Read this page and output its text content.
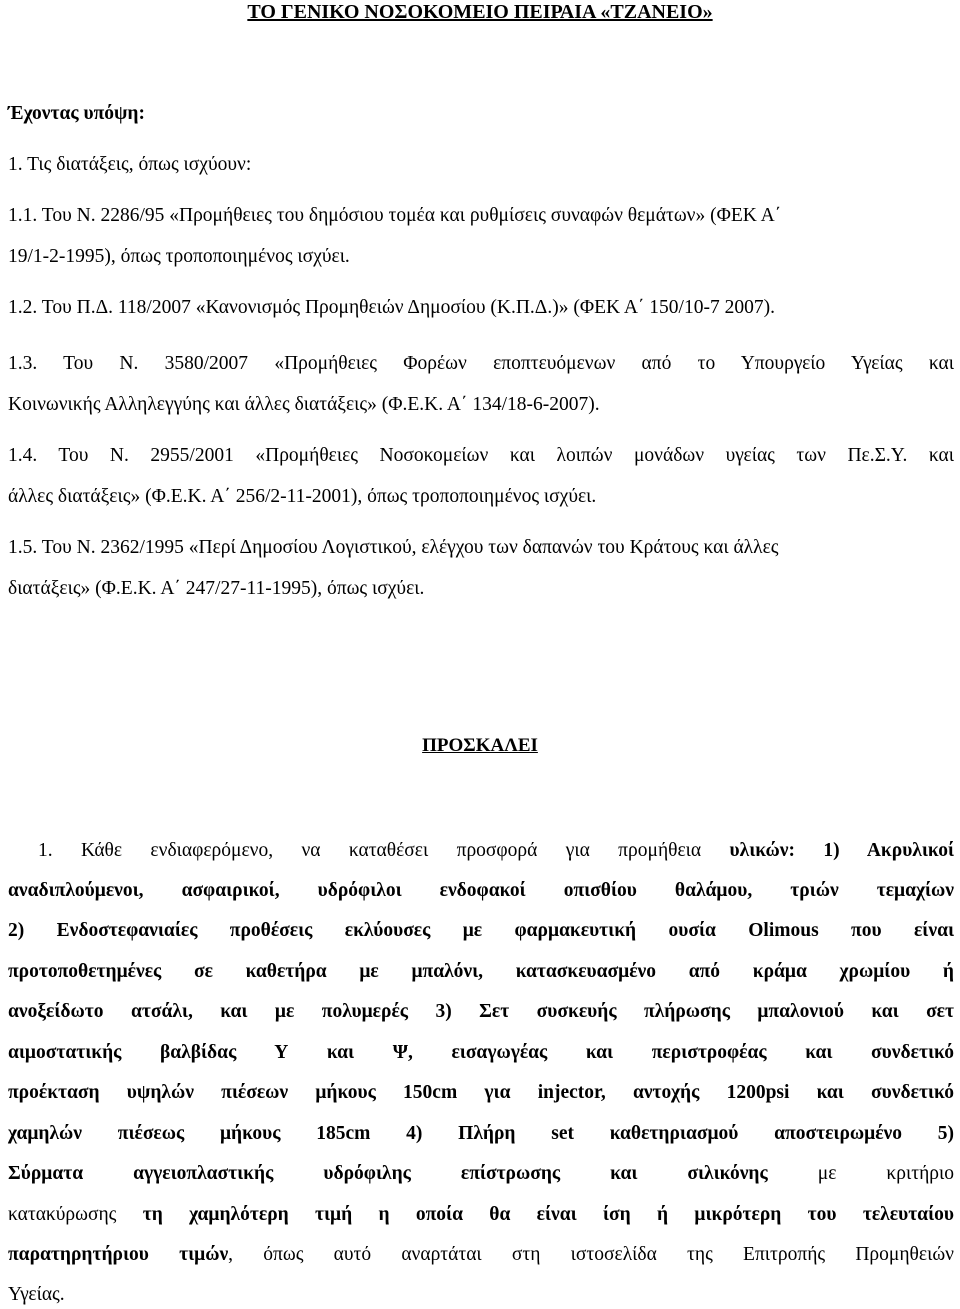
ΤΟ ΓΕΝΙΚΟ ΝΟΣΟΚΟΜΕΙΟ ΠΕΙΡΑΙΑ «ΤΖΑΝΕΙΟ»
Έχοντας υπόψη:
1. Τις διατάξεις, όπως ισχύουν:
1.1. Του Ν. 2286/95 «Προμήθειες του δημόσιου τομέα και ρυθμίσεις συναφών θεμάτων» (ΦΕΚ Α΄
19/1-2-1995), όπως τροποποιημένος ισχύει.
1.2. Του Π.Δ. 118/2007 «Κανονισμός Προμηθειών Δημοσίου (Κ.Π.Δ.)» (ΦΕΚ Α΄ 150/10-7 2007).
1.3. Του Ν. 3580/2007 «Προμήθειες Φορέων εποπτευόμενων από το Υπουργείο Υγείας και
Κοινωνικής Αλληλεγγύης και άλλες διατάξεις» (Φ.Ε.Κ. Α΄ 134/18-6-2007).
1.4. Του Ν. 2955/2001 «Προμήθειες Νοσοκομείων και λοιπών μονάδων υγείας των Πε.Σ.Υ. και
άλλες διατάξεις» (Φ.Ε.Κ. Α΄ 256/2-11-2001), όπως τροποποιημένος ισχύει.
1.5. Του Ν. 2362/1995 «Περί Δημοσίου Λογιστικού, ελέγχου των δαπανών του Κράτους και άλλες
διατάξεις» (Φ.Ε.Κ. Α΄ 247/27-11-1995), όπως ισχύει.
ΠΡΟΣΚΑΛΕΙ
1. Κάθε ενδιαφερόμενο, να καταθέσει προσφορά για προμήθεια υλικών: 1) Ακρυλικοί
αναδιπλούμενοι, ασφαιρικοί, υδρόφιλοι ενδοφακοί οπισθίου θαλάμου, τριών τεμαχίων
2) Ενδοστεφανιαίες προθέσεις εκλύουσες με φαρμακευτική ουσία Olimous που είναι
προτοποθετημένες σε καθετήρα με μπαλόνι, κατασκευασμένο από κράμα χρωμίου ή
ανοξείδωτο ατσάλι, και με πολυμερές 3) Σετ συσκευής πλήρωσης μπαλονιού και σετ
αιμοστατικής βαλβίδας Υ και Ψ, εισαγωγέας και περιστροφέας και συνδετικό
προέκταση υψηλών πιέσεων μήκους 150cm για injector, αντοχής 1200psi και συνδετικό
χαμηλών πιέσεως μήκους 185cm 4) Πλήρη set καθετηριασμού αποστειρωμένο 5)
Σύρματα αγγειοπλαστικής υδρόφιλης επίστρωσης και σιλικόνης	με κριτήριο
κατακύρωσης τη χαμηλότερη τιμή η οποία θα είναι ίση ή μικρότερη του τελευταίου
παρατηρητήριου τιμών, όπως αυτό αναρτάται στη ιστοσελίδα της Επιτροπής Προμηθειών
Υγείας.
